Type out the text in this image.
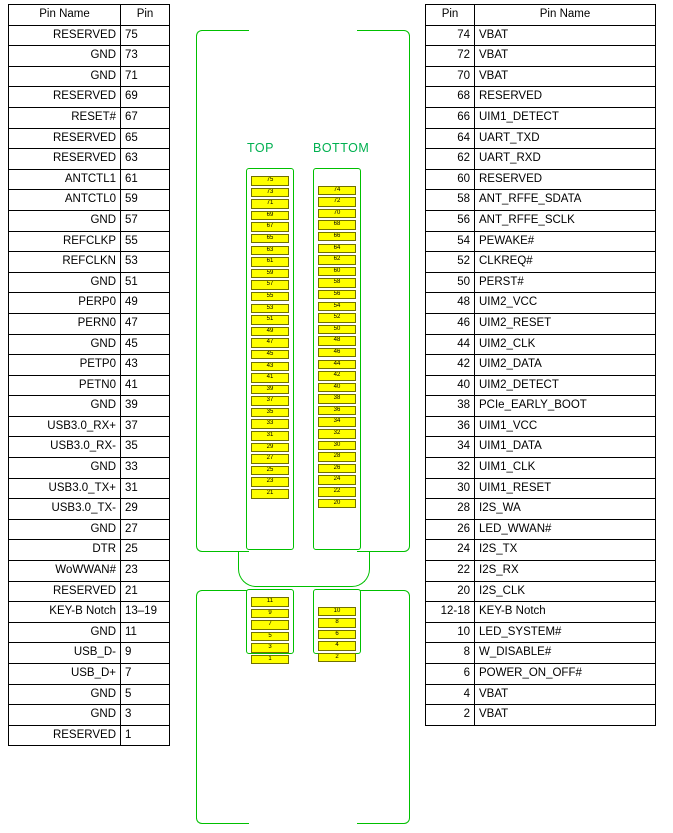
Pin Name	Pin
RESERVED	75
GND	73
GND	71
RESERVED	69
RESET#	67
RESERVED	65
RESERVED	63
ANTCTL1	61
ANTCTL0	59
GND	57
REFCLKP	55
REFCLKN	53
GND	51
PERP0	49
PERN0	47
GND	45
PETP0	43
PETN0	41
GND	39
USB3.0_RX+	37
USB3.0_RX-	35
GND	33
USB3.0_TX+	31
USB3.0_TX-	29
GND	27
DTR	25
WoWWAN#	23
RESERVED	21
KEY-B Notch	13–19
GND	11
USB_D-	9
USB_D+	7
GND	5
GND	3
RESERVED	1
Pin	Pin Name
74	VBAT
72	VBAT
70	VBAT
68	RESERVED
66	UIM1_DETECT
64	UART_TXD
62	UART_RXD
60	RESERVED
58	ANT_RFFE_SDATA
56	ANT_RFFE_SCLK
54	PEWAKE#
52	CLKREQ#
50	PERST#
48	UIM2_VCC
46	UIM2_RESET
44	UIM2_CLK
42	UIM2_DATA
40	UIM2_DETECT
38	PCIe_EARLY_BOOT
36	UIM1_VCC
34	UIM1_DATA
32	UIM1_CLK
30	UIM1_RESET
28	I2S_WA
26	LED_WWAN#
24	I2S_TX
22	I2S_RX
20	I2S_CLK
12-18	KEY-B Notch
10	LED_SYSTEM#
8	W_DISABLE#
6	POWER_ON_OFF#
4	VBAT
2	VBAT
TOP	BOTTOM
75
73
71
69
67
65
63
61
59
57
55
53
51
49
47
45
43
41
39
37
35
33
31
29
27
25
23
21
74
72
70
68
66
64
62
60
58
56
54
52
50
48
46
44
42
40
38
36
34
32
30
28
26
24
22
20
11
9
7
5
3
1
10
8
6
4
2
